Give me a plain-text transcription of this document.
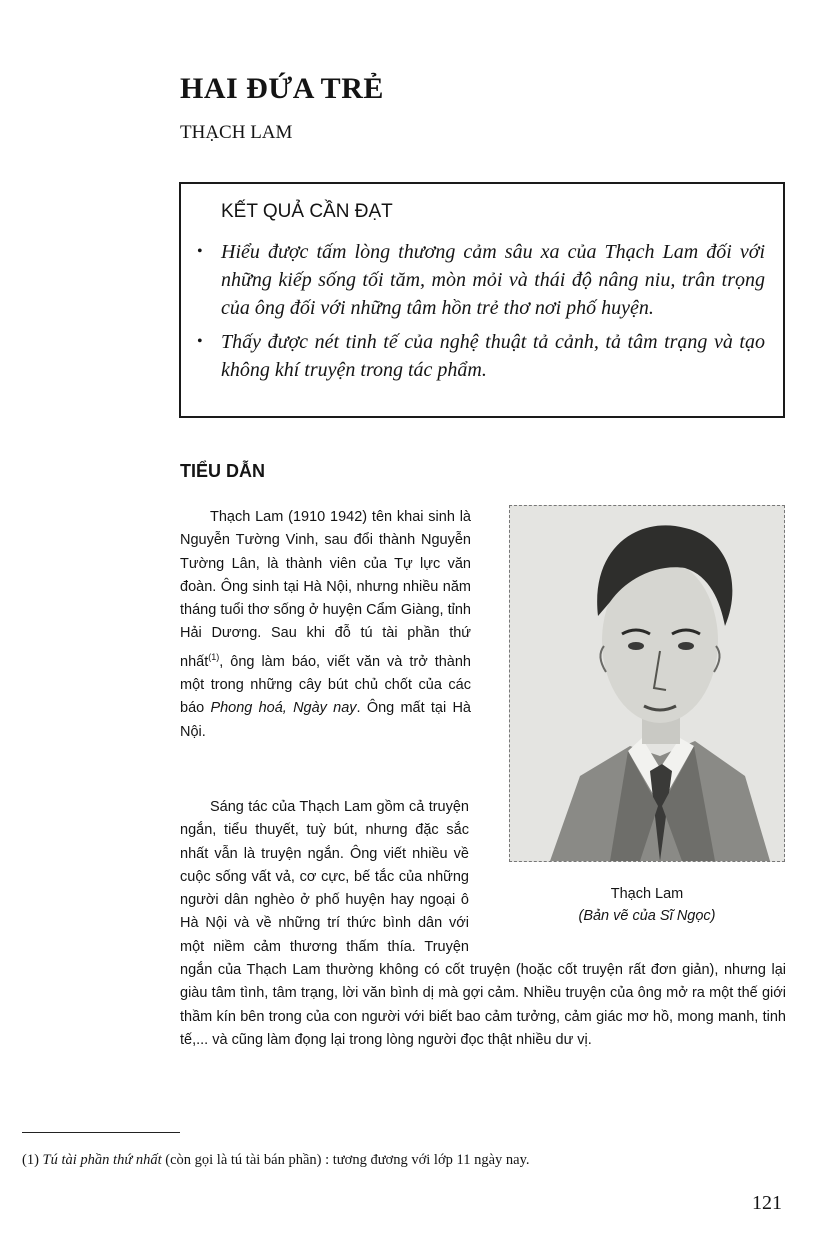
HAI ĐỨA TRẺ

THẠCH LAM

KẾT QUẢ CẦN ĐẠT

• Hiểu được tấm lòng thương cảm sâu xa của Thạch Lam đối với những kiếp sống tối tăm, mòn mỏi và thái độ nâng niu, trân trọng của ông đối với những tâm hồn trẻ thơ nơi phố huyện.
• Thấy được nét tinh tế của nghệ thuật tả cảnh, tả tâm trạng và tạo không khí truyện trong tác phẩm.
TIỂU DẪN

Thạch Lam (1910 1942) tên khai sinh là Nguyễn Tường Vinh, sau đổi thành Nguyễn Tường Lân, là thành viên của Tự lực văn đoàn. Ông sinh tại Hà Nội, nhưng nhiều năm tháng tuổi thơ sống ở huyện Cẩm Giàng, tỉnh Hải Dương. Sau khi đỗ tú tài phần thứ nhất$^{(1)}$, ông làm báo, viết văn và trở thành một trong những cây bút chủ chốt của các báo Phong hoá, Ngày nay. Ông mất tại Hà Nội.

Thạch Lam
(Bản vẽ của Sĩ Ngọc)

Sáng tác của Thạch Lam gồm cả truyện ngắn, tiểu thuyết, tuỳ bút, nhưng đặc sắc nhất vẫn là truyện ngắn. Ông viết nhiều về cuộc sống vất vả, cơ cực, bế tắc của những người dân nghèo ở phố huyện hay ngoại ô Hà Nội và về những trí thức bình dân với một niềm cảm thương thấm thía. Truyện ngắn của Thạch Lam thường không có cốt truyện (hoặc cốt truyện rất đơn giản), nhưng lại giàu tâm tình, tâm trạng, lời văn bình dị mà gợi cảm. Nhiều truyện của ông mở ra một thế giới thầm kín bên trong của con người với biết bao cảm tưởng, cảm giác mơ hồ, mong manh, tinh tế,... và cũng làm đọng lại trong lòng người đọc thật nhiều dư vị.

(1) Tú tài phần thứ nhất (còn gọi là tú tài bán phần) : tương đương với lớp 11 ngày nay.

121
